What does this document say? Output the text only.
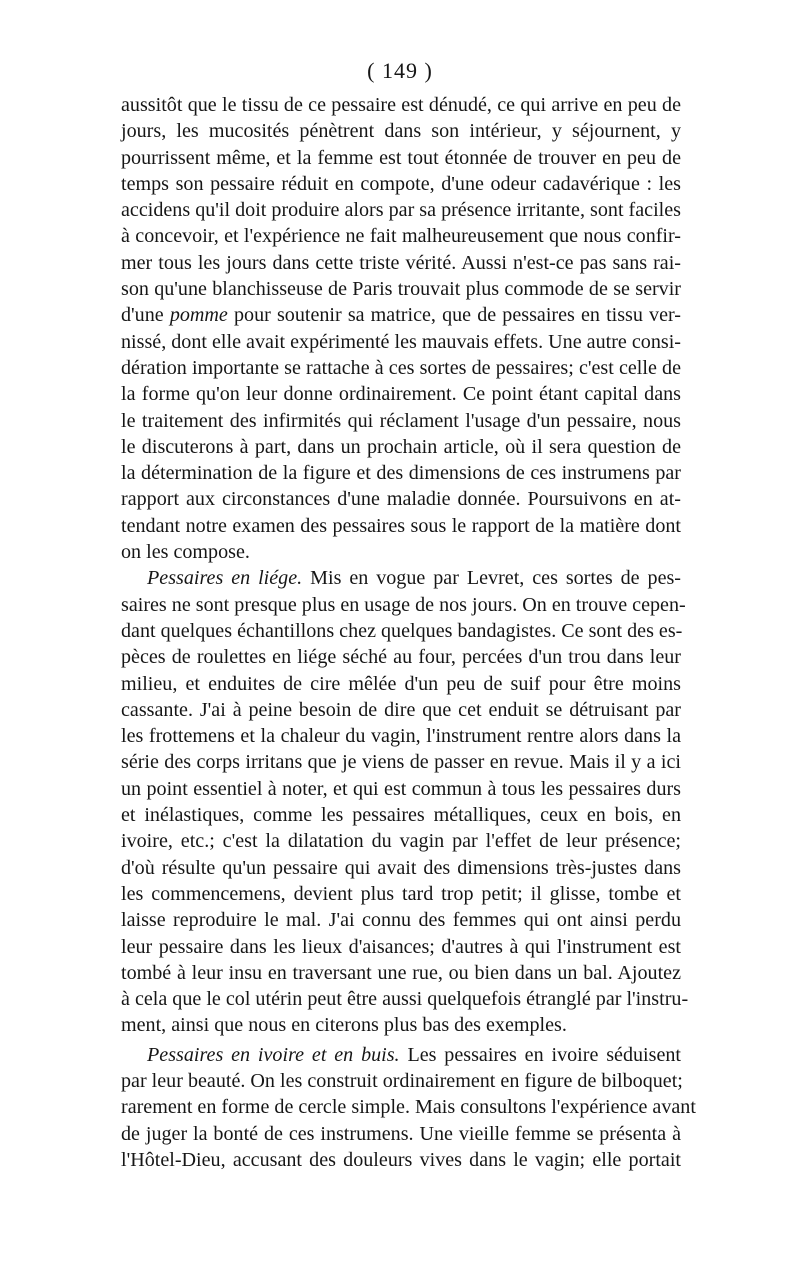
( 149 )
aussitôt que le tissu de ce pessaire est dénudé, ce qui arrive en peu de
jours, les mucosités pénètrent dans son intérieur, y séjournent, y
pourrissent même, et la femme est tout étonnée de trouver en peu de
temps son pessaire réduit en compote, d'une odeur cadavérique : les
accidens qu'il doit produire alors par sa présence irritante, sont faciles
à concevoir, et l'expérience ne fait malheureusement que nous confir-
mer tous les jours dans cette triste vérité. Aussi n'est-ce pas sans rai-
son qu'une blanchisseuse de Paris trouvait plus commode de se servir
d'une pomme pour soutenir sa matrice, que de pessaires en tissu ver-
nissé, dont elle avait expérimenté les mauvais effets. Une autre consi-
dération importante se rattache à ces sortes de pessaires; c'est celle de
la forme qu'on leur donne ordinairement. Ce point étant capital dans
le traitement des infirmités qui réclament l'usage d'un pessaire, nous
le discuterons à part, dans un prochain article, où il sera question de
la détermination de la figure et des dimensions de ces instrumens par
rapport aux circonstances d'une maladie donnée. Poursuivons en at-
tendant notre examen des pessaires sous le rapport de la matière dont
on les compose.
Pessaires en liége. Mis en vogue par Levret, ces sortes de pes-
saires ne sont presque plus en usage de nos jours. On en trouve cepen-
dant quelques échantillons chez quelques bandagistes. Ce sont des es-
pèces de roulettes en liége séché au four, percées d'un trou dans leur
milieu, et enduites de cire mêlée d'un peu de suif pour être moins
cassante. J'ai à peine besoin de dire que cet enduit se détruisant par
les frottemens et la chaleur du vagin, l'instrument rentre alors dans la
série des corps irritans que je viens de passer en revue. Mais il y a ici
un point essentiel à noter, et qui est commun à tous les pessaires durs
et inélastiques, comme les pessaires métalliques, ceux en bois, en
ivoire, etc.; c'est la dilatation du vagin par l'effet de leur présence;
d'où résulte qu'un pessaire qui avait des dimensions très-justes dans
les commencemens, devient plus tard trop petit; il glisse, tombe et
laisse reproduire le mal. J'ai connu des femmes qui ont ainsi perdu
leur pessaire dans les lieux d'aisances; d'autres à qui l'instrument est
tombé à leur insu en traversant une rue, ou bien dans un bal. Ajoutez
à cela que le col utérin peut être aussi quelquefois étranglé par l'instru-
ment, ainsi que nous en citerons plus bas des exemples.
Pessaires en ivoire et en buis. Les pessaires en ivoire séduisent
par leur beauté. On les construit ordinairement en figure de bilboquet;
rarement en forme de cercle simple. Mais consultons l'expérience avant
de juger la bonté de ces instrumens. Une vieille femme se présenta à
l'Hôtel-Dieu, accusant des douleurs vives dans le vagin; elle portait
